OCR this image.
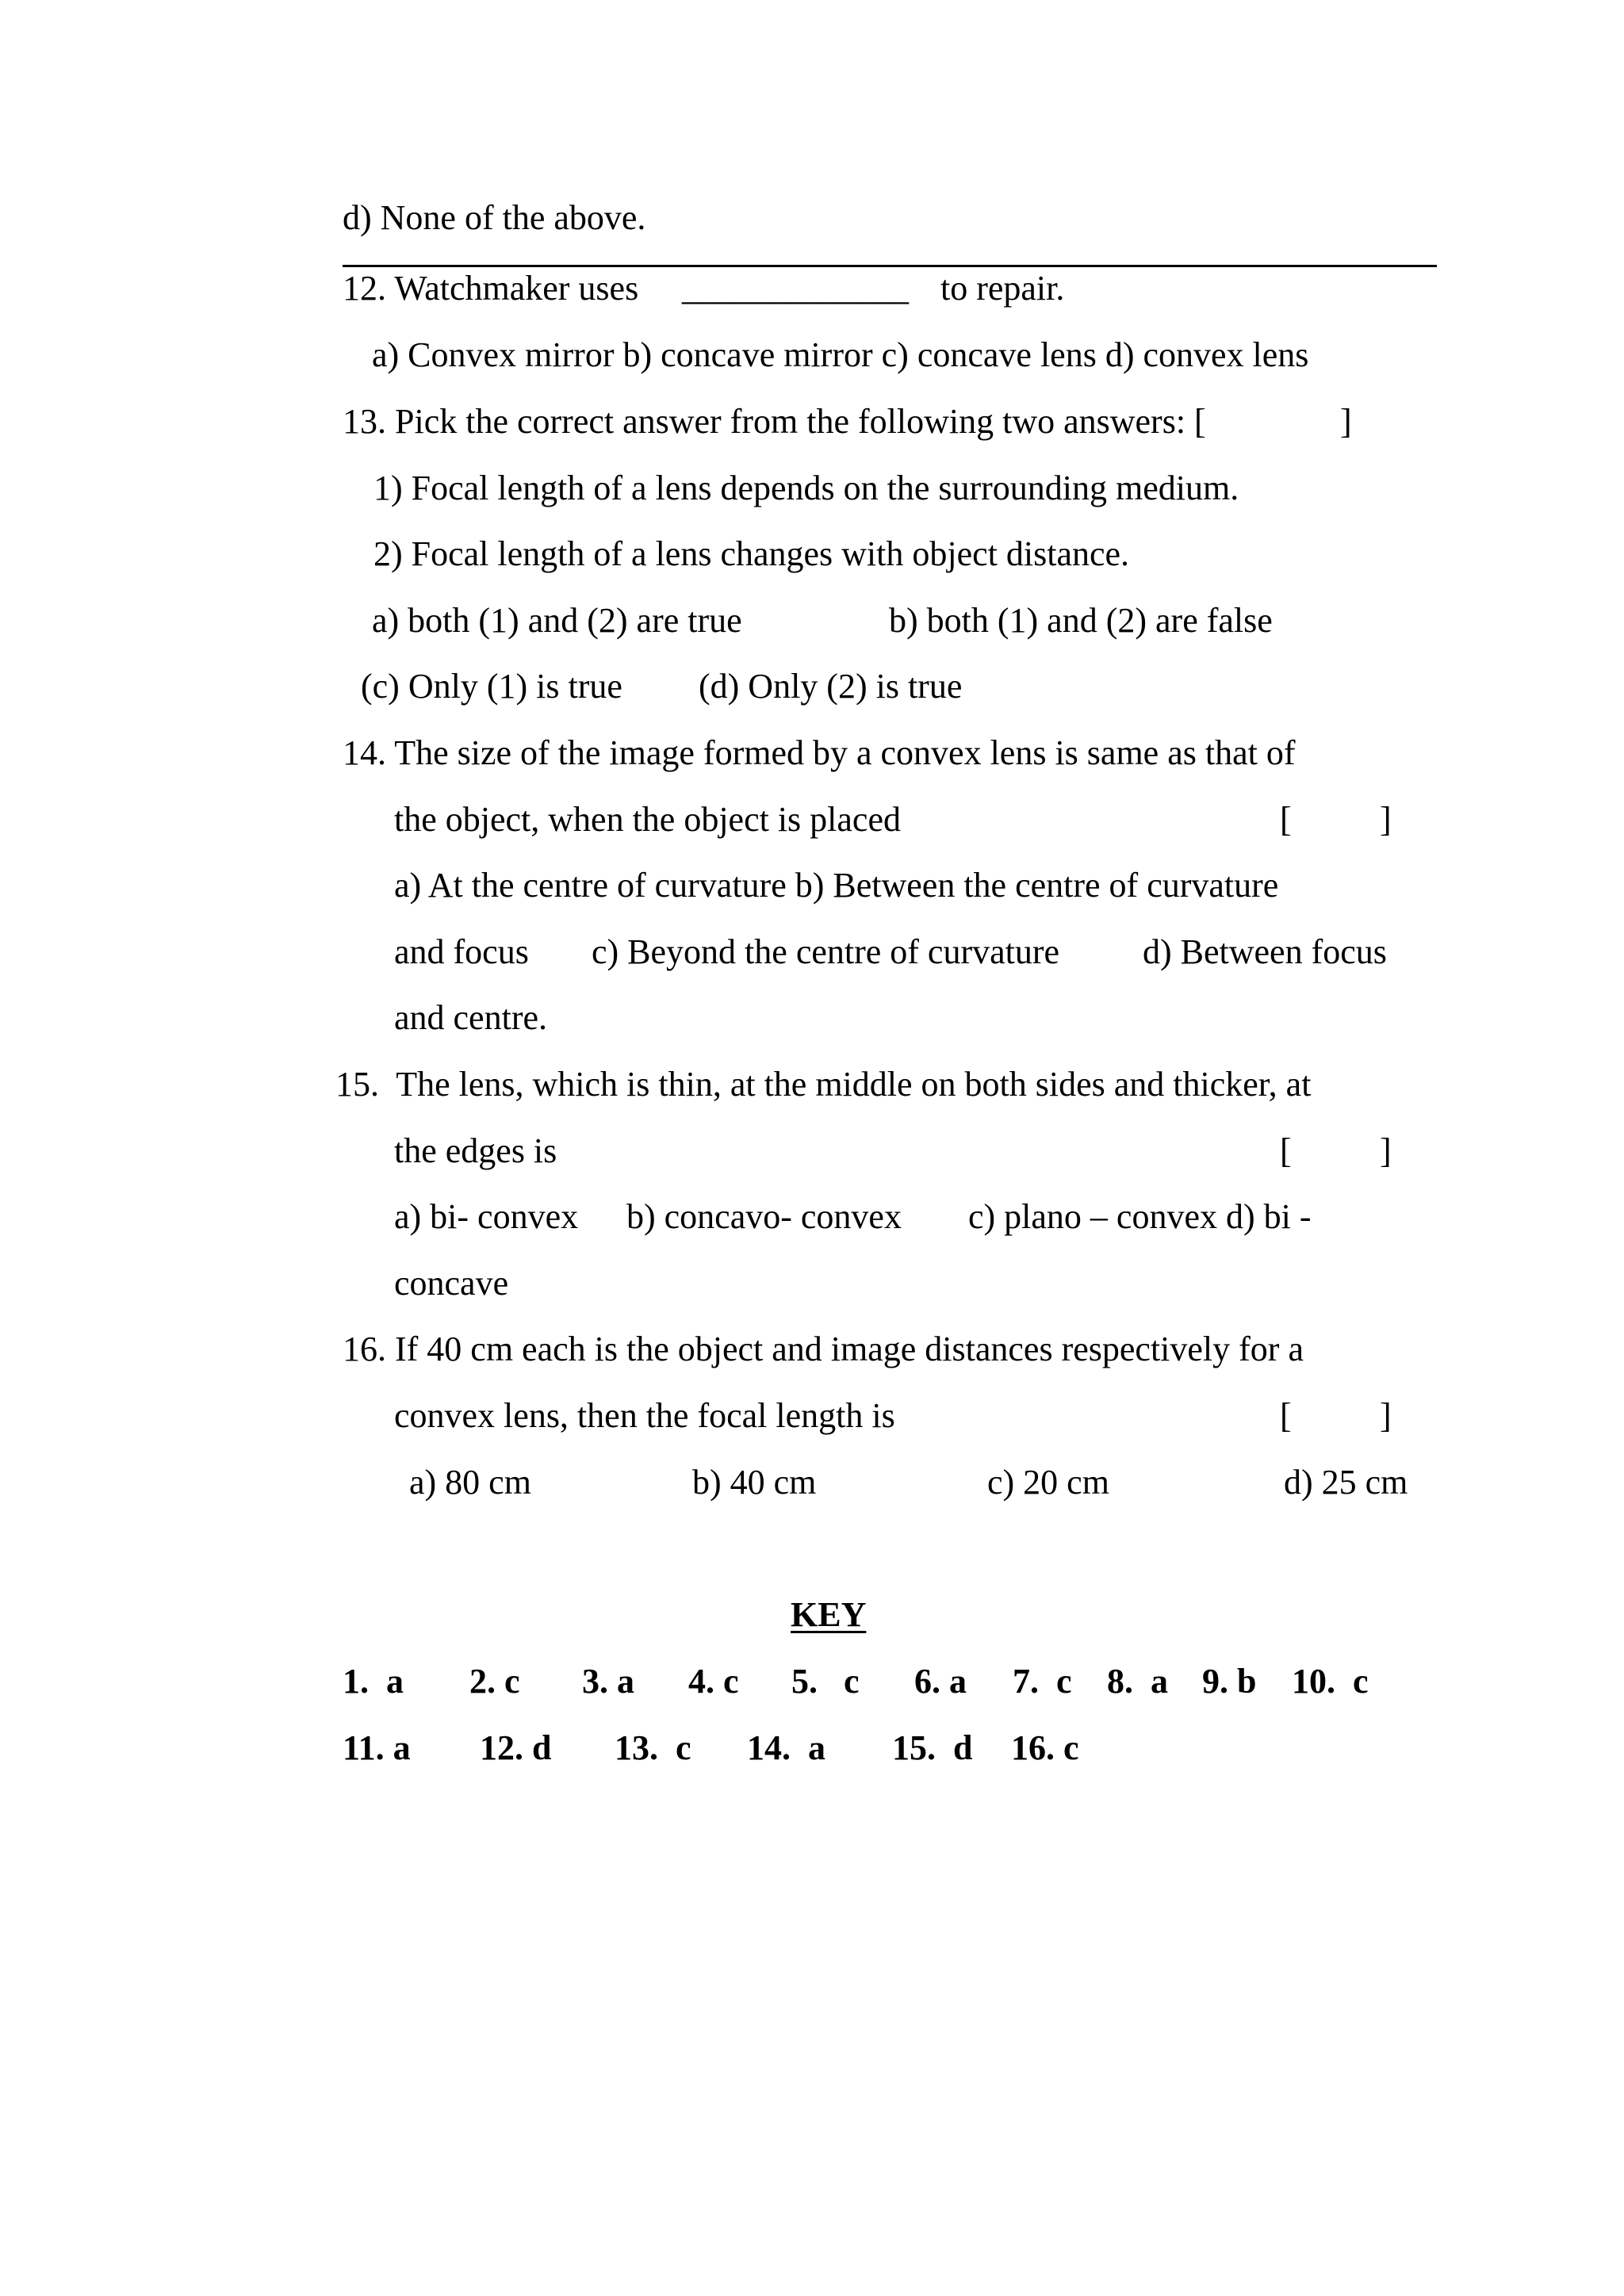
d) None of the above.
12. Watchmaker uses _____________ to repair.
a) Convex mirror b) concave mirror c) concave lens d) convex lens
13. Pick the correct answer from the following two answers: [	]
1) Focal length of a lens depends on the surrounding medium.
2) Focal length of a lens changes with object distance.
a) both (1) and (2) are true	b) both (1) and (2) are false
(c) Only (1) is true (d) Only (2) is true
14. The size of the image formed by a convex lens is same as that of
the object, when the object is placed	[	]
a) At the centre of curvature b) Between the centre of curvature
and focus c) Beyond the centre of curvature d) Between focus
and centre.
15.  The lens, which is thin, at the middle on both sides and thicker, at
the edges is	[	]
a) bi- convex b) concavo- convex c) plano – convex d) bi -
concave
16. If 40 cm each is the object and image distances respectively for a
convex lens, then the focal length is	[	]
a) 80 cm	b) 40 cm	c) 20 cm	d) 25 cm
KEY
1.  a 2. c 3. a 4. c 5.   c 6. a 7.  c 8.  a 9. b 10.  c
11. a 12. d 13.  c 14.  a 15.  d 16. c
